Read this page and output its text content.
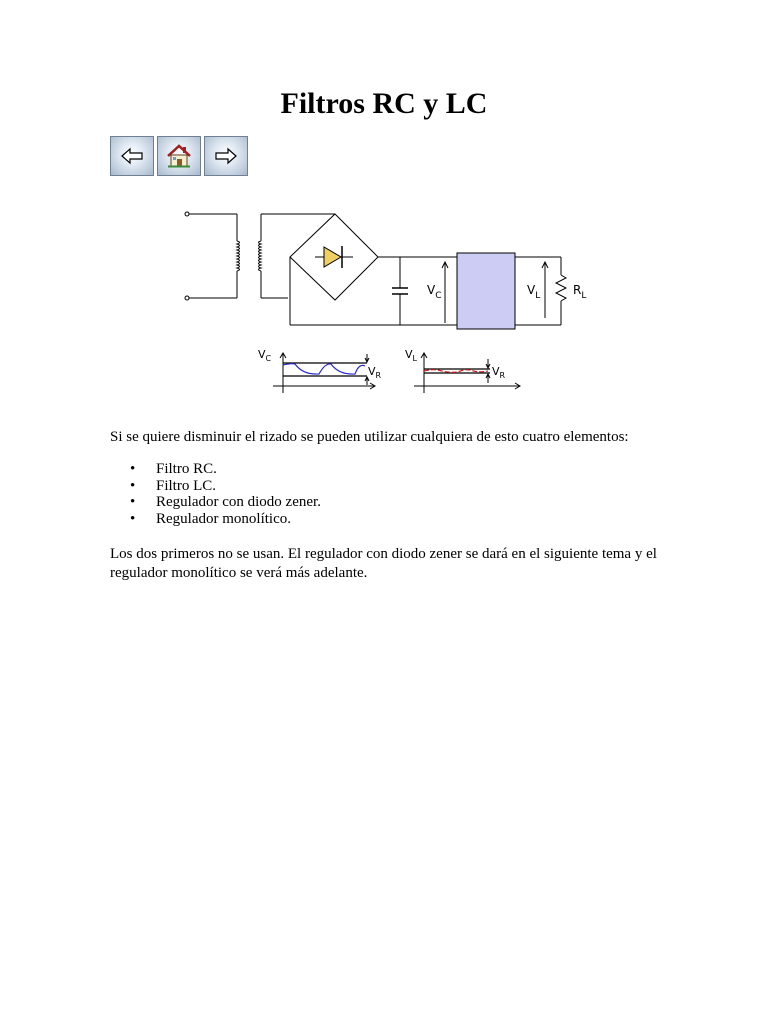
Filtros RC y LC
$V_C$	$V_L$	$R_L$
$V_C$
$V_R$
$V_L$
$V_R$

Si se quiere disminuir el rizado se pueden utilizar cualquiera de esto cuatro elementos:

• Filtro RC.
• Filtro LC.
• Regulador con diodo zener.
• Regulador monolítico.

Los dos primeros no se usan. El regulador con diodo zener se dará en el siguiente tema y el regulador monolítico se verá más adelante.
